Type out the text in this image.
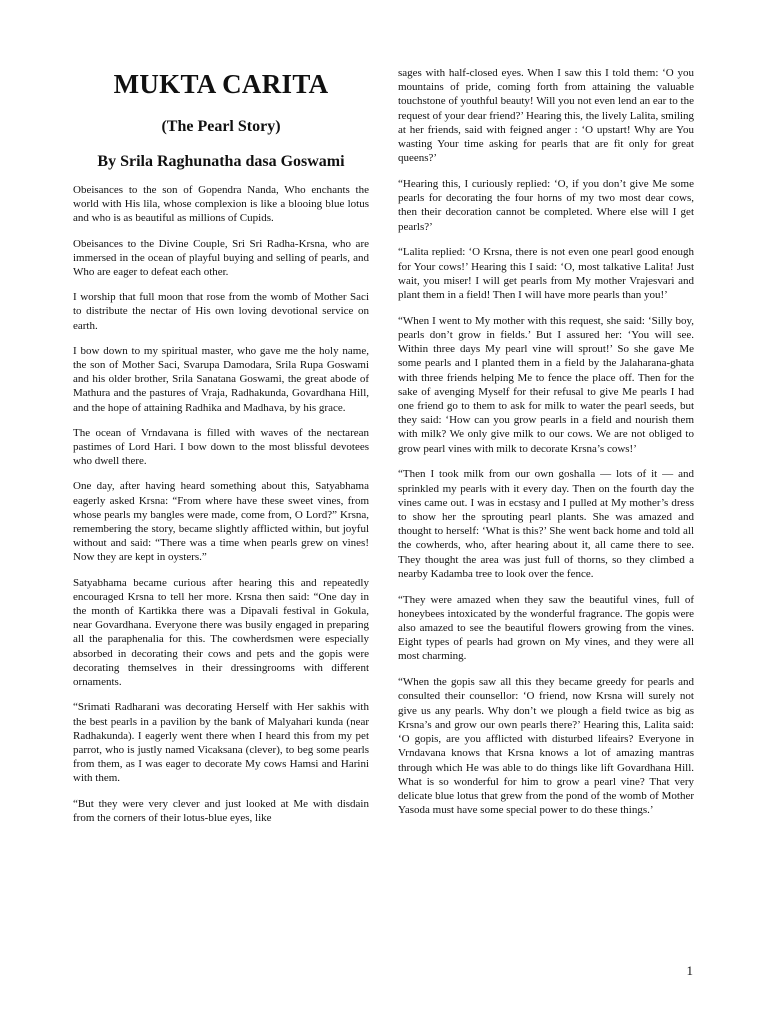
MUKTA CARITA
(The Pearl Story)
By Srila Raghunatha dasa Goswami

Obeisances to the son of Gopendra Nanda, Who enchants the world with His lila, whose complexion is like a blooing blue lotus and who is as beautiful as millions of Cupids.

Obeisances to the Divine Couple, Sri Sri Radha-Krsna, who are immersed in the ocean of playful buying and selling of pearls, and Who are eager to defeat each other.

I worship that full moon that rose from the womb of Mother Saci to distribute the nectar of His own loving devotional service on earth.

I bow down to my spiritual master, who gave me the holy name, the son of Mother Saci, Svarupa Damodara, Srila Rupa Goswami and his older brother, Srila Sanatana Goswami, the great abode of Mathura and the pastures of Vraja, Radhakunda, Govardhana Hill, and the hope of attaining Radhika and Madhava, by his grace.

The ocean of Vrndavana is filled with waves of the nectarean pastimes of Lord Hari. I bow down to the most blissful devotees who dwell there.

One day, after having heard something about this, Satyabhama eagerly asked Krsna: “From where have these sweet vines, from whose pearls my bangles were made, come from, O Lord?” Krsna, remembering the story, became slightly afflicted within, but joyful without and said: “There was a time when pearls grew on vines! Now they are kept in oysters.”

Satyabhama became curious after hearing this and repeatedly encouraged Krsna to tell her more. Krsna then said: “One day in the month of Kartikka there was a Dipavali festival in Gokula, near Govardhana. Everyone there was busily engaged in preparing all the paraphenalia for this. The cowherdsmen were especially absorbed in decorating their cows and pets and the gopis were decorating themselves in their dressingrooms with different ornaments.

“Srimati Radharani was decorating Herself with Her sakhis with the best pearls in a pavilion by the bank of Malyahari kunda (near Radhakunda). I eagerly went there when I heard this from my pet parrot, who is justly named Vicaksana (clever), to beg some pearls from them, as I was eager to decorate My cows Hamsi and Harini with them.

“But they were very clever and just looked at Me with disdain from the corners of their lotus-blue eyes, like

sages with half-closed eyes. When I saw this I told them: ‘O you mountains of pride, coming forth from attaining the valuable touchstone of youthful beauty! Will you not even lend an ear to the request of your dear friend?’ Hearing this, the lively Lalita, smiling at her friends, said with feigned anger : ‘O upstart! Why are You wasting Your time asking for pearls that are fit only for great queens?’

“Hearing this, I curiously replied: ‘O, if you don’t give Me some pearls for decorating the four horns of my two most dear cows, then their decoration cannot be completed. Where else will I get pearls?’

“Lalita replied: ‘O Krsna, there is not even one pearl good enough for Your cows!’ Hearing this I said: ‘O, most talkative Lalita! Just wait, you miser! I will get pearls from My mother Vrajesvari and plant them in a field! Then I will have more pearls than you!’

“When I went to My mother with this request, she said: ‘Silly boy, pearls don’t grow in fields.’ But I assured her: ‘You will see. Within three days My pearl vine will sprout!’ So she gave Me some pearls and I planted them in a field by the Jalaharana-ghata with three friends helping Me to fence the place off. Then for the sake of avenging Myself for their refusal to give Me pearls I had one friend go to them to ask for milk to water the pearl seeds, but they said: ‘How can you grow pearls in a field and nourish them with milk? We only give milk to our cows. We are not obliged to grow pearl vines with milk to decorate Krsna’s cows!’

“Then I took milk from our own goshalla — lots of it — and sprinkled my pearls with it every day. Then on the fourth day the vines came out. I was in ecstasy and I pulled at My mother’s dress to show her the sprouting pearl plants. She was amazed and thought to herself: ‘What is this?’ She went back home and told all the cowherds, who, after hearing about it, all came there to see. They thought the area was just full of thorns, so they climbed a nearby Kadamba tree to look over the fence.

“They were amazed when they saw the beautiful vines, full of honeybees intoxicated by the wonderful fragrance. The gopis were also amazed to see the beautiful flowers growing from the vines. Eight types of pearls had grown on My vines, and they were all most charming.

“When the gopis saw all this they became greedy for pearls and consulted their counsellor: ‘O friend, now Krsna will surely not give us any pearls. Why don’t we plough a field twice as big as Krsna’s and grow our own pearls there?’ Hearing this, Lalita said: ‘O gopis, are you afflicted with disturbed lifeairs? Everyone in Vrndavana knows that Krsna knows a lot of amazing mantras through which He was able to do things like lift Govardhana Hill. What is so wonderful for him to grow a pearl vine? That very delicate blue lotus that grew from the pond of the womb of Mother Yasoda must have some special power to do these things.’

1
